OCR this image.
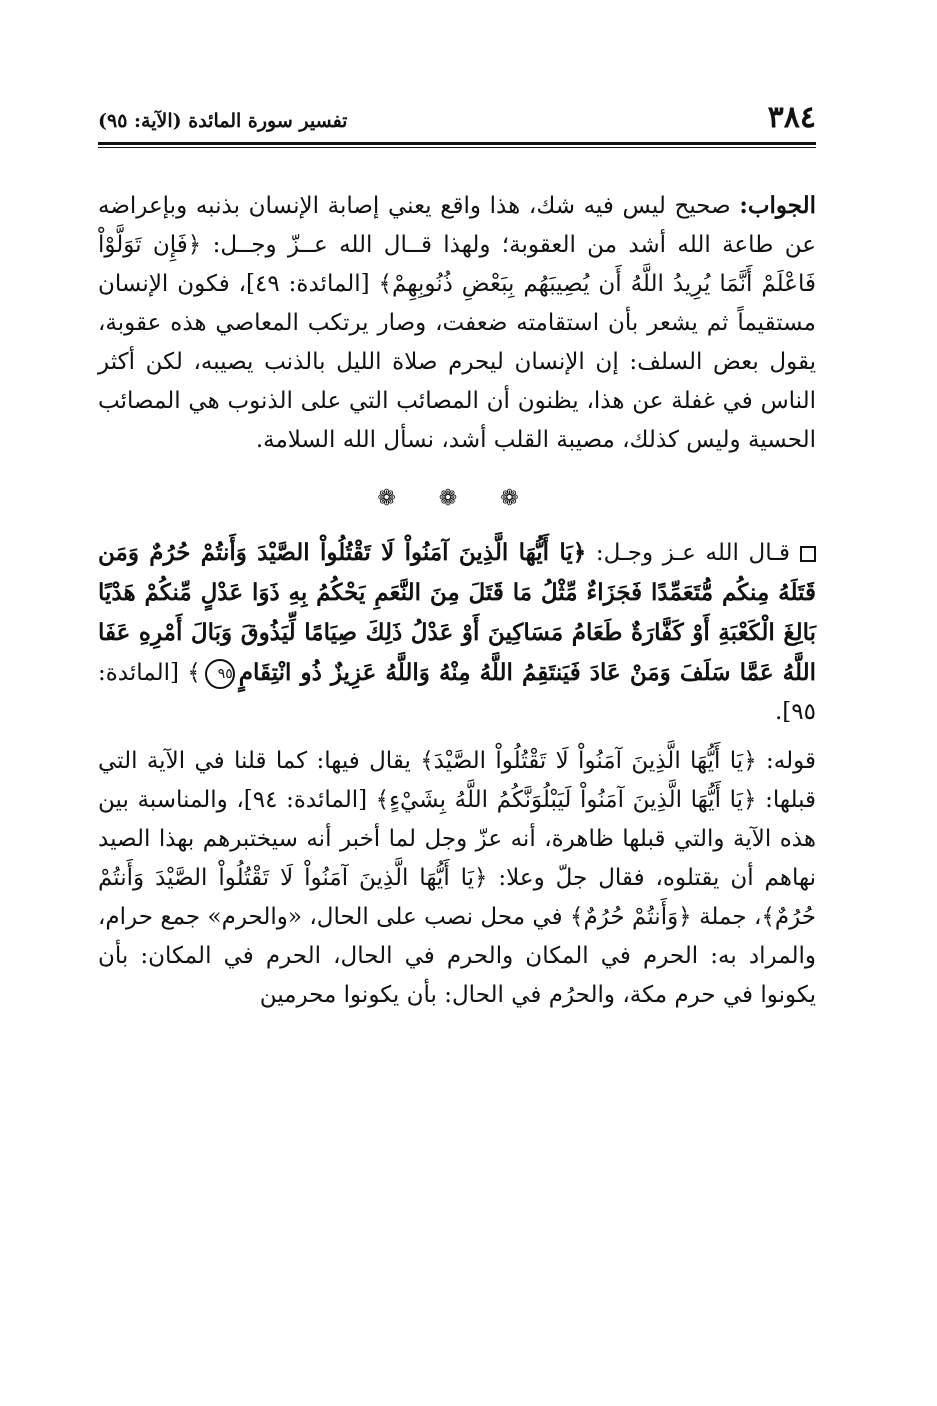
٣٨٤
تفسير سورة المائدة (الآية: ٩٥)

الجواب: صحيح ليس فيه شك، هذا واقع يعني إصابة الإنسان بذنبه وبإعراضه عن طاعة الله أشد من العقوبة؛ ولهذا قــال الله عــزّ وجــل: ﴿فَإِن تَوَلَّوْاْ فَاعْلَمْ أَنَّمَا يُرِيدُ اللَّهُ أَن يُصِيبَهُم بِبَعْضِ ذُنُوبِهِمْ﴾ [المائدة: ٤٩]، فكون الإنسان مستقيماً ثم يشعر بأن استقامته ضعفت، وصار يرتكب المعاصي هذه عقوبة، يقول بعض السلف: إن الإنسان ليحرم صلاة الليل بالذنب يصيبه، لكن أكثر الناس في غفلة عن هذا، يظنون أن المصائب التي على الذنوب هي المصائب الحسية وليس كذلك، مصيبة القلب أشد، نسأل الله السلامة.

❁ ❁ ❁

قـال الله عـز وجـل: ﴿يَا أَيُّهَا الَّذِينَ آمَنُواْ لَا تَقْتُلُواْ الصَّيْدَ وَأَنتُمْ حُرُمٌ وَمَن قَتَلَهُ مِنكُم مُّتَعَمِّدًا فَجَزَاءٌ مِّثْلُ مَا قَتَلَ مِنَ النَّعَمِ يَحْكُمُ بِهِ ذَوَا عَدْلٍ مِّنكُمْ هَدْيًا بَالِغَ الْكَعْبَةِ أَوْ كَفَّارَةٌ طَعَامُ مَسَاكِينَ أَوْ عَدْلُ ذَلِكَ صِيَامًا لِّيَذُوقَ وَبَالَ أَمْرِهِ عَفَا اللَّهُ عَمَّا سَلَفَ وَمَنْ عَادَ فَيَنتَقِمُ اللَّهُ مِنْهُ وَاللَّهُ عَزِيزٌ ذُو انْتِقَامٍ٩٥﴾ [المائدة: ٩٥].

قوله: ﴿يَا أَيُّهَا الَّذِينَ آمَنُواْ لَا تَقْتُلُواْ الصَّيْدَ﴾ يقال فيها: كما قلنا في الآية التي قبلها: ﴿يَا أَيُّهَا الَّذِينَ آمَنُواْ لَيَبْلُوَنَّكُمُ اللَّهُ بِشَيْءٍ﴾ [المائدة: ٩٤]، والمناسبة بين هذه الآية والتي قبلها ظاهرة، أنه عزّ وجل لما أخبر أنه سيختبرهم بهذا الصيد نهاهم أن يقتلوه، فقال جلّ وعلا: ﴿يَا أَيُّهَا الَّذِينَ آمَنُواْ لَا تَقْتُلُواْ الصَّيْدَ وَأَنتُمْ حُرُمٌ﴾، جملة ﴿وَأَنتُمْ حُرُمٌ﴾ في محل نصب على الحال، «والحرم» جمع حرام، والمراد به: الحرم في المكان والحرم في الحال، الحرم في المكان: بأن يكونوا في حرم مكة، والحرُم في الحال: بأن يكونوا محرمين
